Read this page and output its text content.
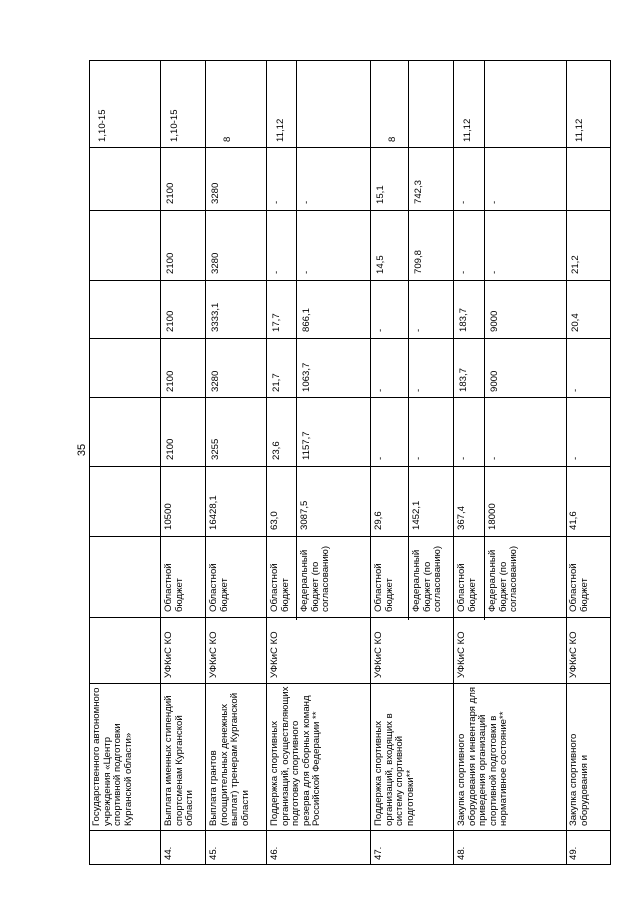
35
Государственного автономного учреждения «Центр спортивной подготовки Курганской области»
1,10-15
44.
Выплата именных стипендий спортсменам Курганской области
УФКиС КО
Областной бюджет
10500
2100
2100
2100
2100
2100
1,10-15
45.
Выплата грантов (поощрительных денежных выплат) тренерам Курганской области
УФКиС КО
Областной бюджет
16428,1
3255
3280
3333,1
3280
3280
8
46.
Поддержка спортивных организаций, осуществляющих подготовку спортивного резерва для сборных команд Российской Федерации **
УФКиС КО
Областной бюджет
63,0
23,6
21,7
17,7
-
-
Федеральный бюджет (по согласованию)
3087,5
1157,7
1063,7
866,1
-
-
11,12
47.
Поддержка спортивных организаций, входящих в систему спортивной подготовки**
УФКиС КО
Областной бюджет
29,6
-
-
-
14,5
15,1
Федеральный бюджет (по согласованию)
1452,1
-
-
-
709,8
742,3
8
48.
Закупка спортивного оборудования и инвентаря для приведения организаций спортивной подготовки в нормативное состояние**
УФКиС КО
Областной бюджет
367,4
-
183,7
183,7
-
-
Федеральный бюджет (по согласованию)
18000
-
9000
9000
-
-
11,12
49.
Закупка спортивного оборудования и
УФКиС КО
Областной бюджет
41,6
-
-
20,4
21,2
11,12
